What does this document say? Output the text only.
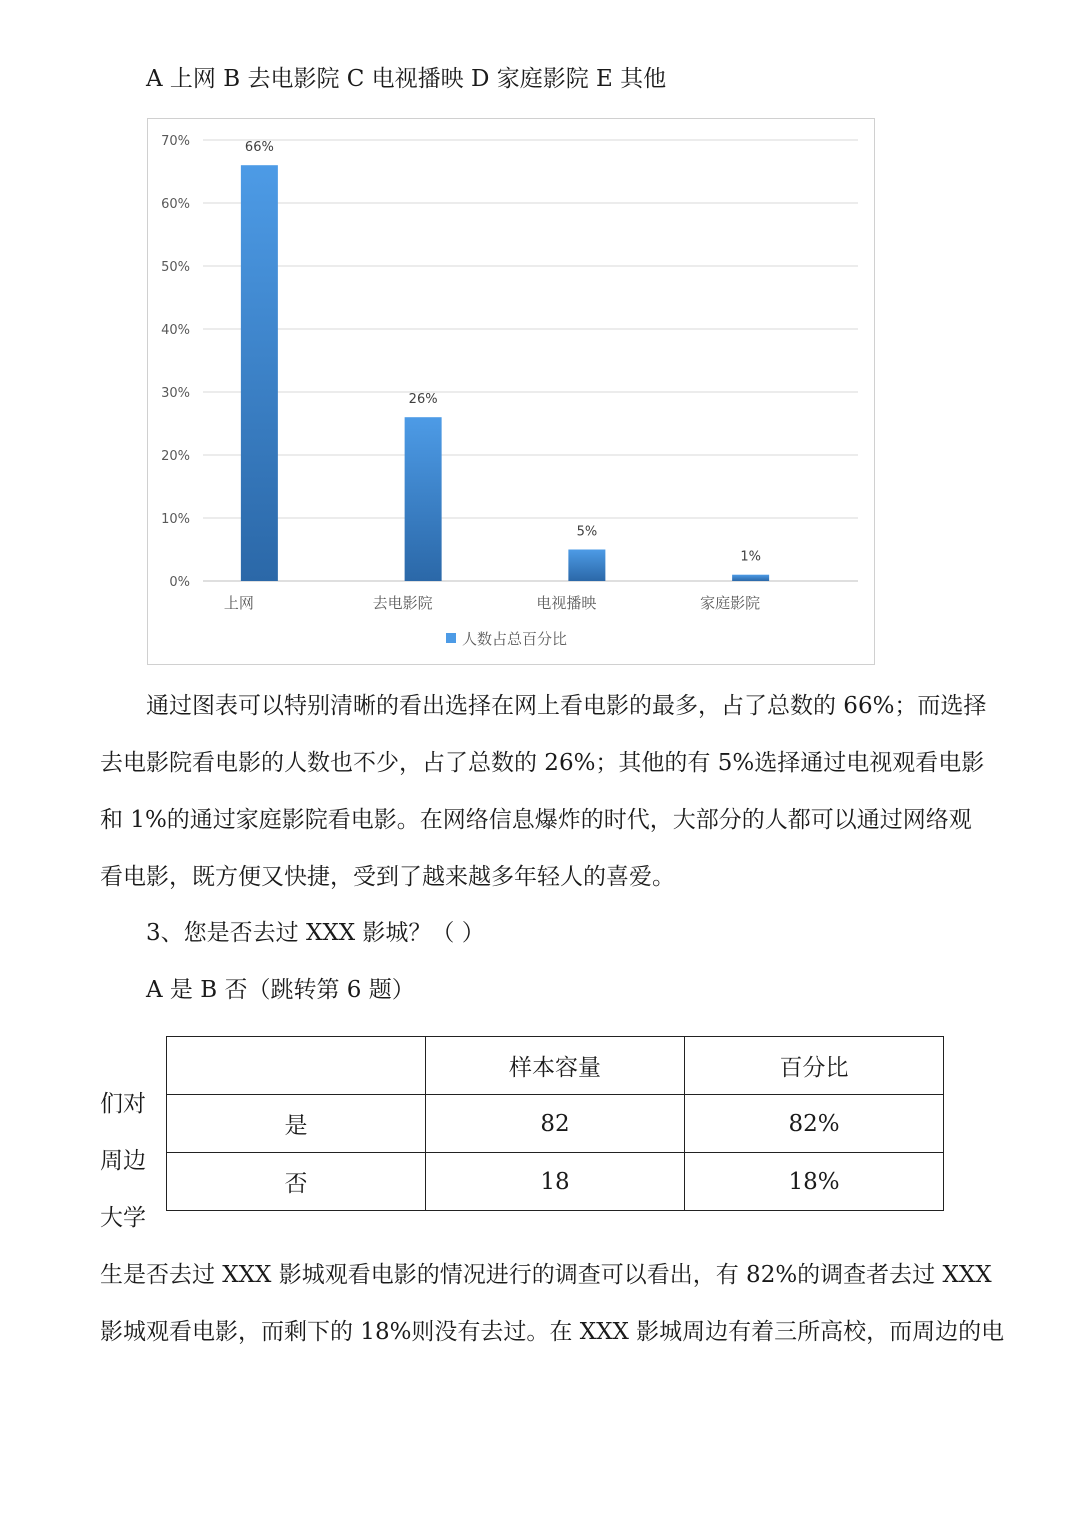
A 上网 B 去电影院 C 电视播映 D 家庭影院 E 其他
0%
10%
20%
30%
40%
50%
60%
70%	66%
26%
5%
1%
上网	去电影院	电视播映	家庭影院
人数占总百分比
通过图表可以特别清晰的看出选择在网上看电影的最多，占了总数的 66%；而选择
去电影院看电影的人数也不少，占了总数的 26%；其他的有 5%选择通过电视观看电影
和 1%的通过家庭影院看电影。在网络信息爆炸的时代，大部分的人都可以通过网络观
看电影，既方便又快捷，受到了越来越多年轻人的喜爱。
3、您是否去过 XXX 影城？（ ）
A 是 B 否（跳转第 6 题）
们对
周边
大学
	样本容量	百分比
是	82	82%
否	18	18%
生是否去过 XXX 影城观看电影的情况进行的调查可以看出，有 82%的调查者去过 XXX
影城观看电影，而剩下的 18%则没有去过。在 XXX 影城周边有着三所高校，而周边的电
